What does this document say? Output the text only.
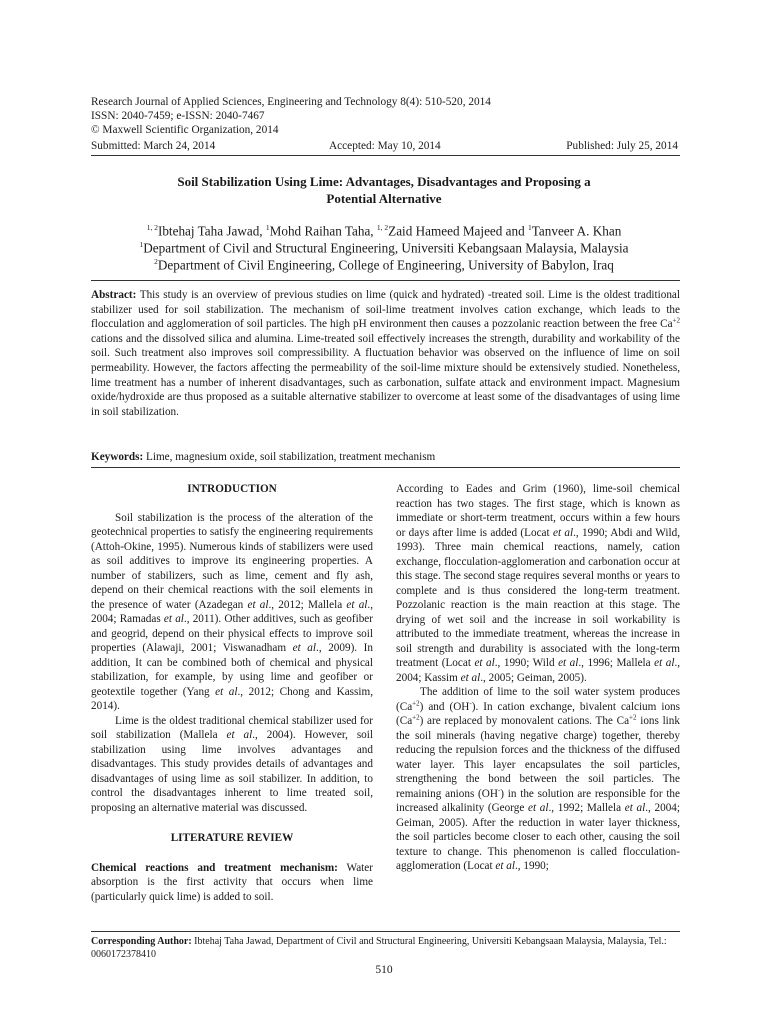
Research Journal of Applied Sciences, Engineering and Technology 8(4): 510-520, 2014
ISSN: 2040-7459; e-ISSN: 2040-7467
© Maxwell Scientific Organization, 2014
Submitted: March 24, 2014	Accepted: May 10, 2014	Published: July 25, 2014
Soil Stabilization Using Lime: Advantages, Disadvantages and Proposing a
Potential Alternative
$^{1, 2}$Ibtehaj Taha Jawad, $^1$Mohd Raihan Taha, $^{1, 2}$Zaid Hameed Majeed and $^1$Tanveer A. Khan
$^1$Department of Civil and Structural Engineering, Universiti Kebangsaan Malaysia, Malaysia
$^2$Department of Civil Engineering, College of Engineering, University of Babylon, Iraq

Abstract: This study is an overview of previous studies on lime (quick and hydrated) -treated soil. Lime is the oldest traditional stabilizer used for soil stabilization. The mechanism of soil-lime treatment involves cation exchange, which leads to the flocculation and agglomeration of soil particles. The high pH environment then causes a pozzolanic reaction between the free $Ca^{+2}$ cations and the dissolved silica and alumina. Lime-treated soil effectively increases the strength, durability and workability of the soil. Such treatment also improves soil compressibility. A fluctuation behavior was observed on the influence of lime on soil permeability. However, the factors affecting the permeability of the soil-lime mixture should be extensively studied. Nonetheless, lime treatment has a number of inherent disadvantages, such as carbonation, sulfate attack and environment impact. Magnesium oxide/hydroxide are thus proposed as a suitable alternative stabilizer to overcome at least some of the disadvantages of using lime in soil stabilization.

Keywords: Lime, magnesium oxide, soil stabilization, treatment mechanism

INTRODUCTION

Soil stabilization is the process of the alteration of the geotechnical properties to satisfy the engineering requirements (Attoh-Okine, 1995). Numerous kinds of stabilizers were used as soil additives to improve its engineering properties. A number of stabilizers, such as lime, cement and fly ash, depend on their chemical reactions with the soil elements in the presence of water (Azadegan et al., 2012; Mallela et al., 2004; Ramadas et al., 2011). Other additives, such as geofiber and geogrid, depend on their physical effects to improve soil properties (Alawaji, 2001; Viswanadham et al., 2009). In addition, It can be combined both of chemical and physical stabilization, for example, by using lime and geofiber or geotextile together (Yang et al., 2012; Chong and Kassim, 2014).

Lime is the oldest traditional chemical stabilizer used for soil stabilization (Mallela et al., 2004). However, soil stabilization using lime involves advantages and disadvantages. This study provides details of advantages and disadvantages of using lime as soil stabilizer. In addition, to control the disadvantages inherent to lime treated soil, proposing an alternative material was discussed.

LITERATURE REVIEW

Chemical reactions and treatment mechanism: Water absorption is the first activity that occurs when lime (particularly quick lime) is added to soil.

According to Eades and Grim (1960), lime-soil chemical reaction has two stages. The first stage, which is known as immediate or short-term treatment, occurs within a few hours or days after lime is added (Locat et al., 1990; Abdi and Wild, 1993). Three main chemical reactions, namely, cation exchange, flocculation-agglomeration and carbonation occur at this stage. The second stage requires several months or years to complete and is thus considered the long-term treatment. Pozzolanic reaction is the main reaction at this stage. The drying of wet soil and the increase in soil workability is attributed to the immediate treatment, whereas the increase in soil strength and durability is associated with the long-term treatment (Locat et al., 1990; Wild et al., 1996; Mallela et al., 2004; Kassim et al., 2005; Geiman, 2005).

The addition of lime to the soil water system produces $(Ca^{+2})$ and (OH-). In cation exchange, bivalent calcium ions $(Ca^{+2})$ are replaced by monovalent cations. The $Ca^{+2}$ ions link the soil minerals (having negative charge) together, thereby reducing the repulsion forces and the thickness of the diffused water layer. This layer encapsulates the soil particles, strengthening the bond between the soil particles. The remaining anions (OH-) in the solution are responsible for the increased alkalinity (George et al., 1992; Mallela et al., 2004; Geiman, 2005). After the reduction in water layer thickness, the soil particles become closer to each other, causing the soil texture to change. This phenomenon is called flocculation-agglomeration (Locat et al., 1990;

Corresponding Author: Ibtehaj Taha Jawad, Department of Civil and Structural Engineering, Universiti Kebangsaan Malaysia, Malaysia, Tel.: 0060172378410
510
